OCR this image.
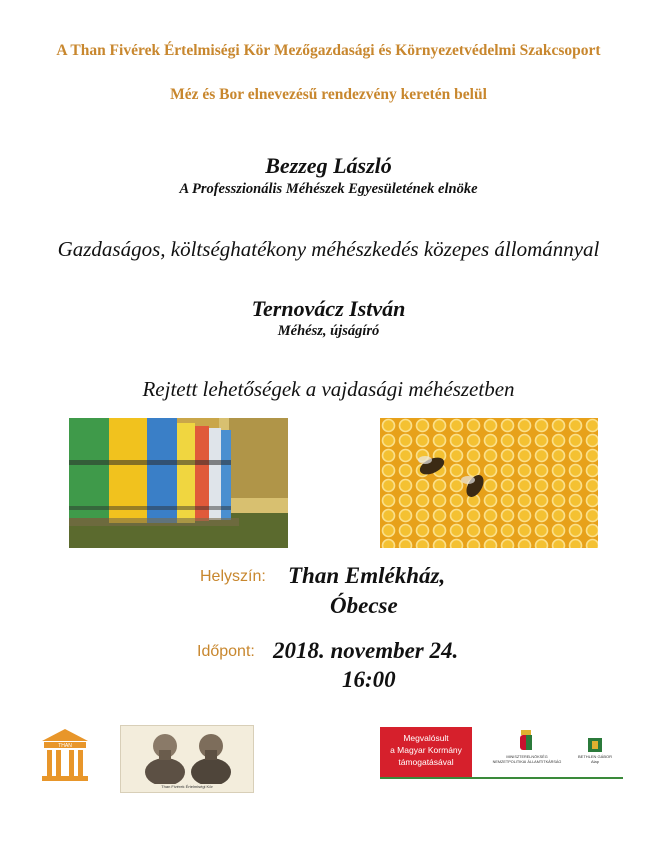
A Than Fivérek Értelmiségi Kör Mezőgazdasági és Környezetvédelmi Szakcsoport
Méz és Bor elnevezésű rendezvény keretén belül
Bezzeg László
A Professzionális Méhészek Egyesületének elnöke
Gazdaságos, költséghatékony méhészkedés közepes állománnyal
Ternovácz István
Méhész, újságíró
Rejtett lehetőségek a vajdasági méhészetben
Helyszín: Than Emlékház,
Óbecse
Időpont: 2018. november 24.
16:00
THAN
Than Fivérek Értelmiségi Kör
Megvalósult
a Magyar Kormány
támogatásával	MINISZTERELNÖKSÉG
NEMZETPOLITIKAI ÁLLAMTITKÁRSÁG
BETHLEN GÁBOR
Alap
